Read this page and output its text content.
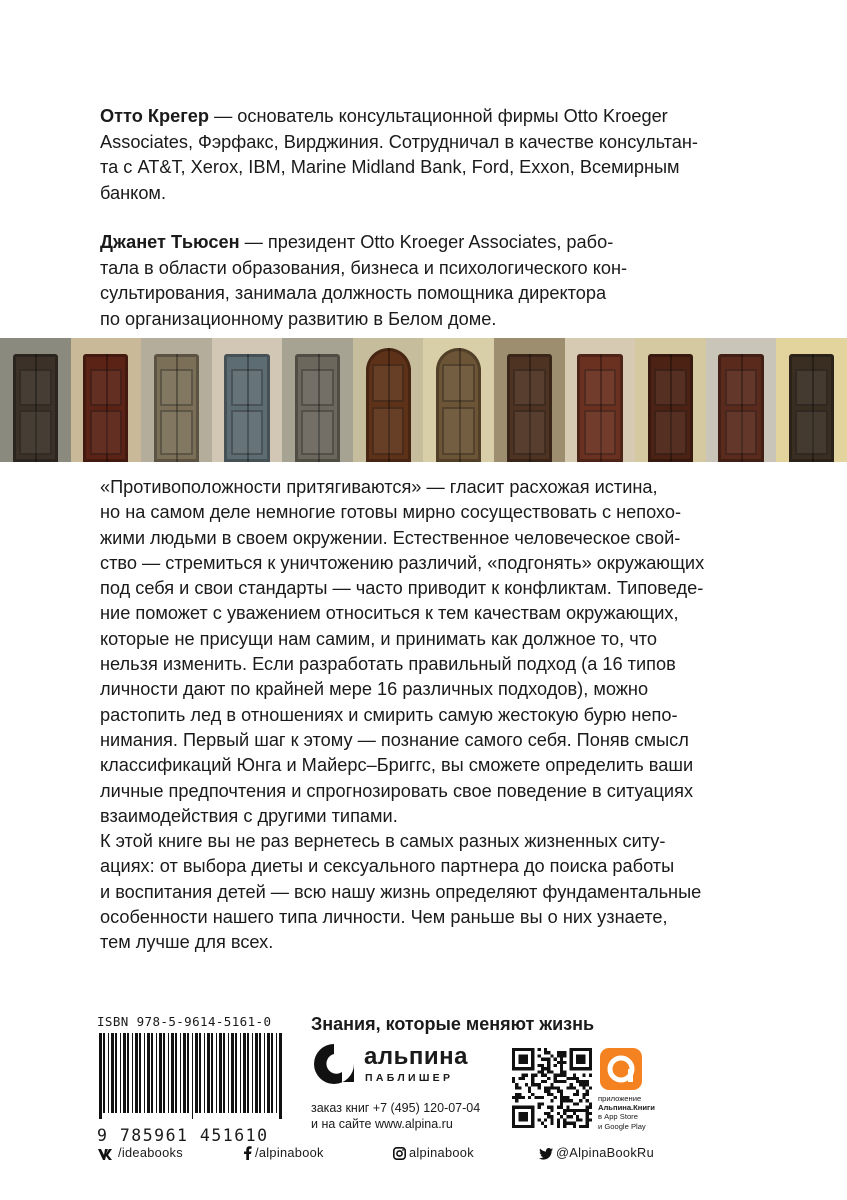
Отто Крегер — основатель консультационной фирмы Otto Kroeger

Associates, Фэрфакс, Вирджиния. Сотрудничал в качестве консультан-

та с AT&T, Xerox, IBM, Marine Midland Bank, Ford, Exxon, Всемирным

банком.

Джанет Тьюсен — президент Otto Kroeger Associates, рабо-

тала в области образования, бизнеса и психологического кон-

сультирования, занимала должность помощника директора

по организационному развитию в Белом доме.

«Противоположности притягиваются» — гласит расхожая истина,

но на самом деле немногие готовы мирно сосуществовать с непохо-

жими людьми в своем окружении. Естественное человеческое свой-

ство — стремиться к уничтожению различий, «подгонять» окружающих

под себя и свои стандарты — часто приводит к конфликтам. Типоведе-

ние поможет с уважением относиться к тем качествам окружающих,

которые не присущи нам самим, и принимать как должное то, что

нельзя изменить. Если разработать правильный подход (а 16 типов

личности дают по крайней мере 16 различных подходов), можно

растопить лед в отношениях и смирить самую жестокую бурю непо-

нимания. Первый шаг к этому — познание самого себя. Поняв смысл

классификаций Юнга и Майерс–Бриггс, вы сможете определить ваши

личные предпочтения и спрогнозировать свое поведение в ситуациях

взаимодействия с другими типами.

К этой книге вы не раз вернетесь в самых разных жизненных ситу-

ациях: от выбора диеты и сексуального партнера до поиска работы

и воспитания детей — всю нашу жизнь определяют фундаментальные

особенности нашего типа личности. Чем раньше вы о них узнаете,

тем лучше для всех.

ISBN 978-5-9614-5161-0
9 785961 451610
Знания, которые меняют жизнь
альпина
ПАБЛИШЕР
заказ книг +7 (495) 120-07-04
и на сайте www.alpina.ru
приложение
Альпина.Книги
в App Store
и Google Play
/ideabooks	/alpinabook	alpinabook	@AlpinaBookRu
